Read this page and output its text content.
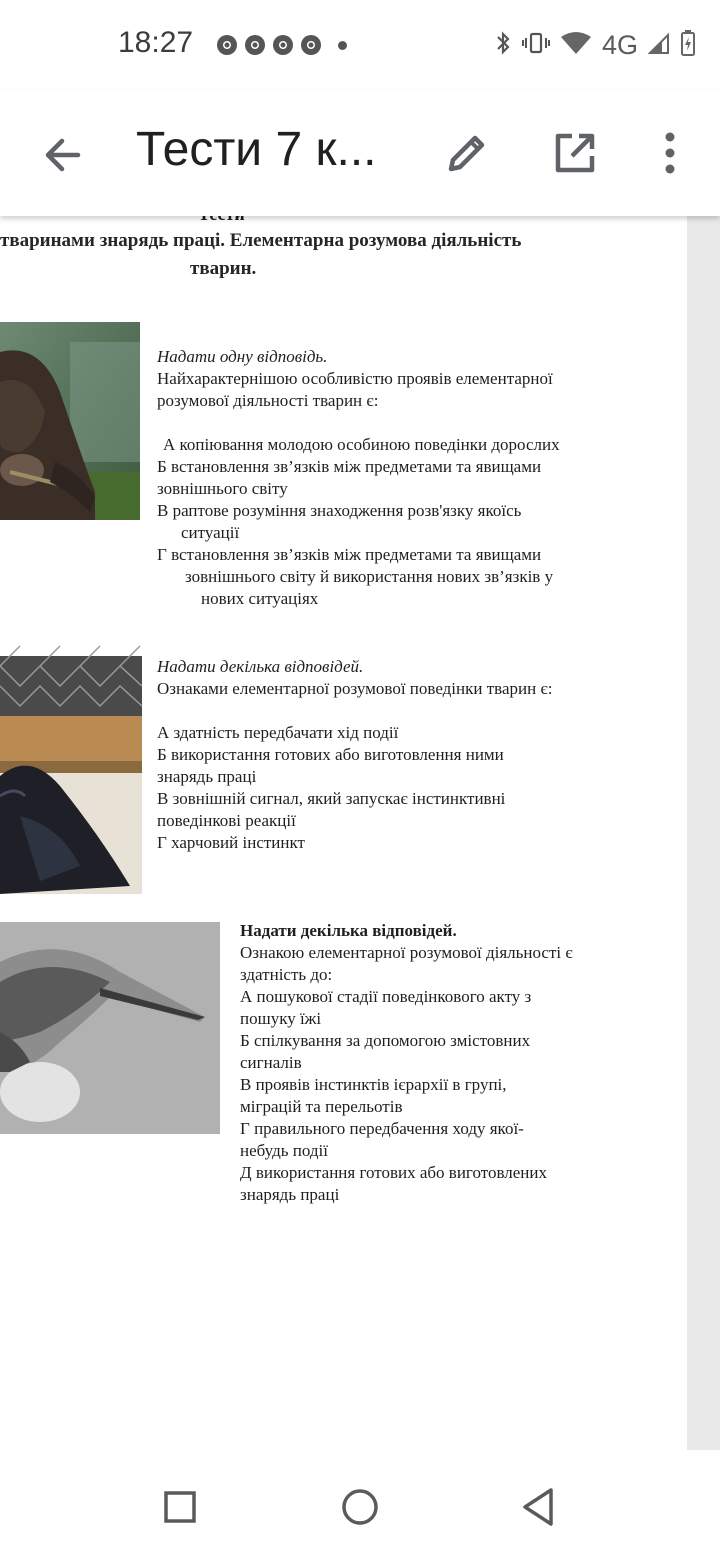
18:27	4G
Тести 7 к...
тваринами знарядь праці. Елементарна розумова діяльність
тварин.
Надати одну відповідь.
Найхарактернішою особливістю проявів елементарної
розумової діяльності тварин є:
А копіювання молодою особиною поведінки дорослих
Б встановлення зв’язків між предметами та явищами
зовнішнього світу
В раптове розуміння знаходження розв'язку якоїсь
ситуації
Г встановлення зв’язків між предметами та явищами
зовнішнього світу й використання нових зв’язків у
нових ситуаціях
Надати декілька відповідей.
Ознаками елементарної розумової поведінки тварин є:
А здатність передбачати хід події
Б використання готових або виготовлення ними
знарядь праці
В зовнішній сигнал, який запускає інстинктивні
поведінкові реакції
Г харчовий інстинкт
Надати декілька відповідей.
Ознакою елементарної розумової діяльності є
здатність до:
А пошукової стадії поведінкового акту з
пошуку їжі
Б спілкування за допомогою змістовних
сигналів
В проявів інстинктів ієрархії в групі,
міграцій та перельотів
Г правильного передбачення ходу якої-
небудь події
Д використання готових або виготовлених
знарядь праці
